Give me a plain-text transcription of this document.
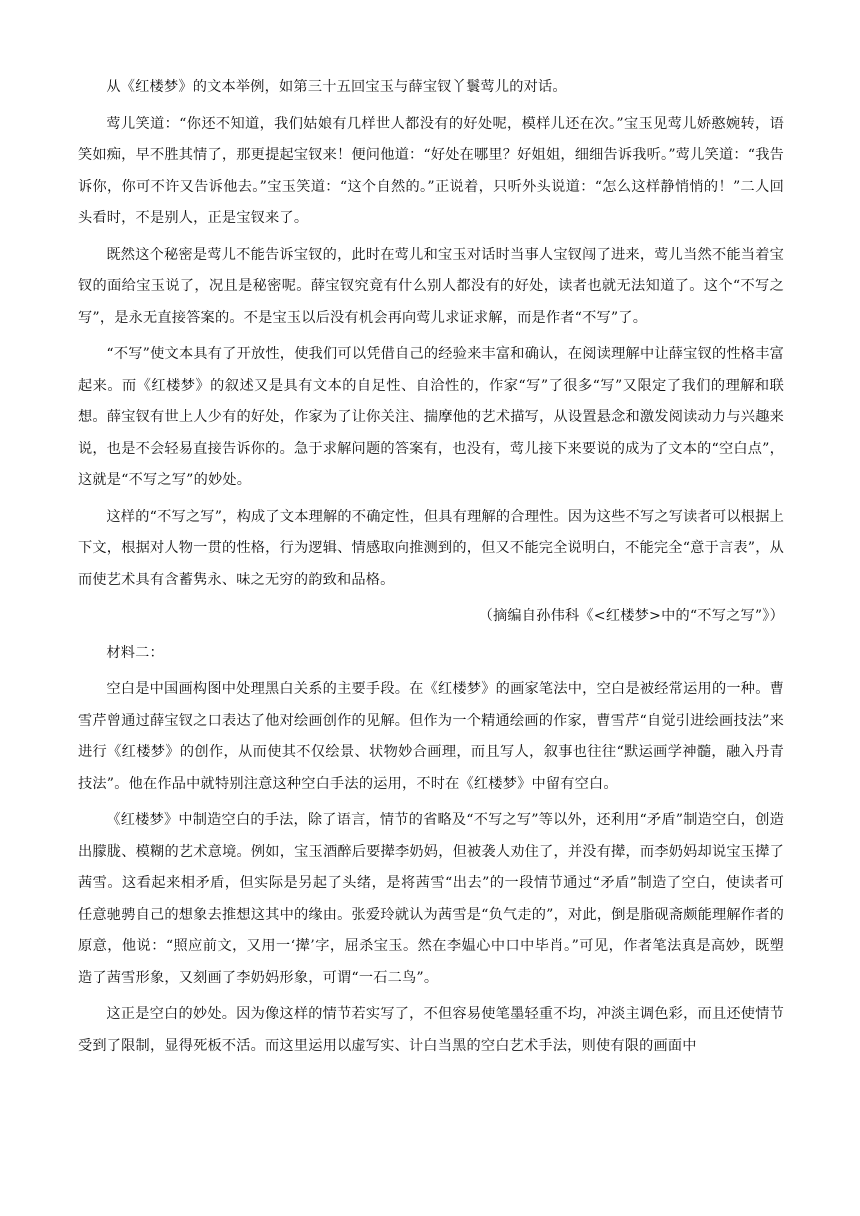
从《红楼梦》的文本举例，如第三十五回宝玉与薛宝钗丫鬟莺儿的对话。

莺儿笑道：“你还不知道，我们姑娘有几样世人都没有的好处呢，模样儿还在次。”宝玉见莺儿娇憨婉转，语笑如痴，早不胜其情了，那更提起宝钗来！便问他道：“好处在哪里？好姐姐，细细告诉我听。”莺儿笑道：“我告诉你，你可不许又告诉他去。”宝玉笑道：“这个自然的。”正说着，只听外头说道：“怎么这样静悄悄的！”二人回头看时，不是别人，正是宝钗来了。

既然这个秘密是莺儿不能告诉宝钗的，此时在莺儿和宝玉对话时当事人宝钗闯了进来，莺儿当然不能当着宝钗的面给宝玉说了，况且是秘密呢。薛宝钗究竟有什么别人都没有的好处，读者也就无法知道了。这个“不写之写”，是永无直接答案的。不是宝玉以后没有机会再向莺儿求证求解，而是作者“不写”了。

“不写”使文本具有了开放性，使我们可以凭借自己的经验来丰富和确认，在阅读理解中让薛宝钗的性格丰富起来。而《红楼梦》的叙述又是具有文本的自足性、自洽性的，作家“写”了很多“写”又限定了我们的理解和联想。薛宝钗有世上人少有的好处，作家为了让你关注、揣摩他的艺术描写，从设置悬念和激发阅读动力与兴趣来说，也是不会轻易直接告诉你的。急于求解问题的答案有，也没有，莺儿接下来要说的成为了文本的“空白点”，这就是“不写之写”的妙处。

这样的“不写之写”，构成了文本理解的不确定性，但具有理解的合理性。因为这些不写之写读者可以根据上下文，根据对人物一贯的性格，行为逻辑、情感取向推测到的，但又不能完全说明白，不能完全“意于言表”，从而使艺术具有含蓄隽永、味之无穷的韵致和品格。

（摘编自孙伟科《<红楼梦>中的“不写之写”》）

材料二：

空白是中国画构图中处理黑白关系的主要手段。在《红楼梦》的画家笔法中，空白是被经常运用的一种。曹雪芹曾通过薛宝钗之口表达了他对绘画创作的见解。但作为一个精通绘画的作家，曹雪芹“自觉引进绘画技法”来进行《红楼梦》的创作，从而使其不仅绘景、状物妙合画理，而且写人，叙事也往往“默运画学神髓，融入丹青技法”。他在作品中就特别注意这种空白手法的运用，不时在《红楼梦》中留有空白。

《红楼梦》中制造空白的手法，除了语言，情节的省略及“不写之写”等以外，还利用“矛盾”制造空白，创造出朦胧、模糊的艺术意境。例如，宝玉酒醉后要撵李奶妈，但被袭人劝住了，并没有撵，而李奶妈却说宝玉撵了茜雪。这看起来相矛盾，但实际是另起了头绪，是将茜雪“出去”的一段情节通过“矛盾”制造了空白，使读者可任意驰骋自己的想象去推想这其中的缘由。张爱玲就认为茜雪是“负气走的”，对此，倒是脂砚斋颇能理解作者的原意，他说：“照应前文，又用一‘撵’字，屈杀宝玉。然在李媪心中口中毕肖。”可见，作者笔法真是高妙，既塑造了茜雪形象，又刻画了李奶妈形象，可谓“一石二鸟”。

这正是空白的妙处。因为像这样的情节若实写了，不但容易使笔墨轻重不均，冲淡主调色彩，而且还使情节受到了限制，显得死板不活。而这里运用以虚写实、计白当黑的空白艺术手法，则使有限的画面中
